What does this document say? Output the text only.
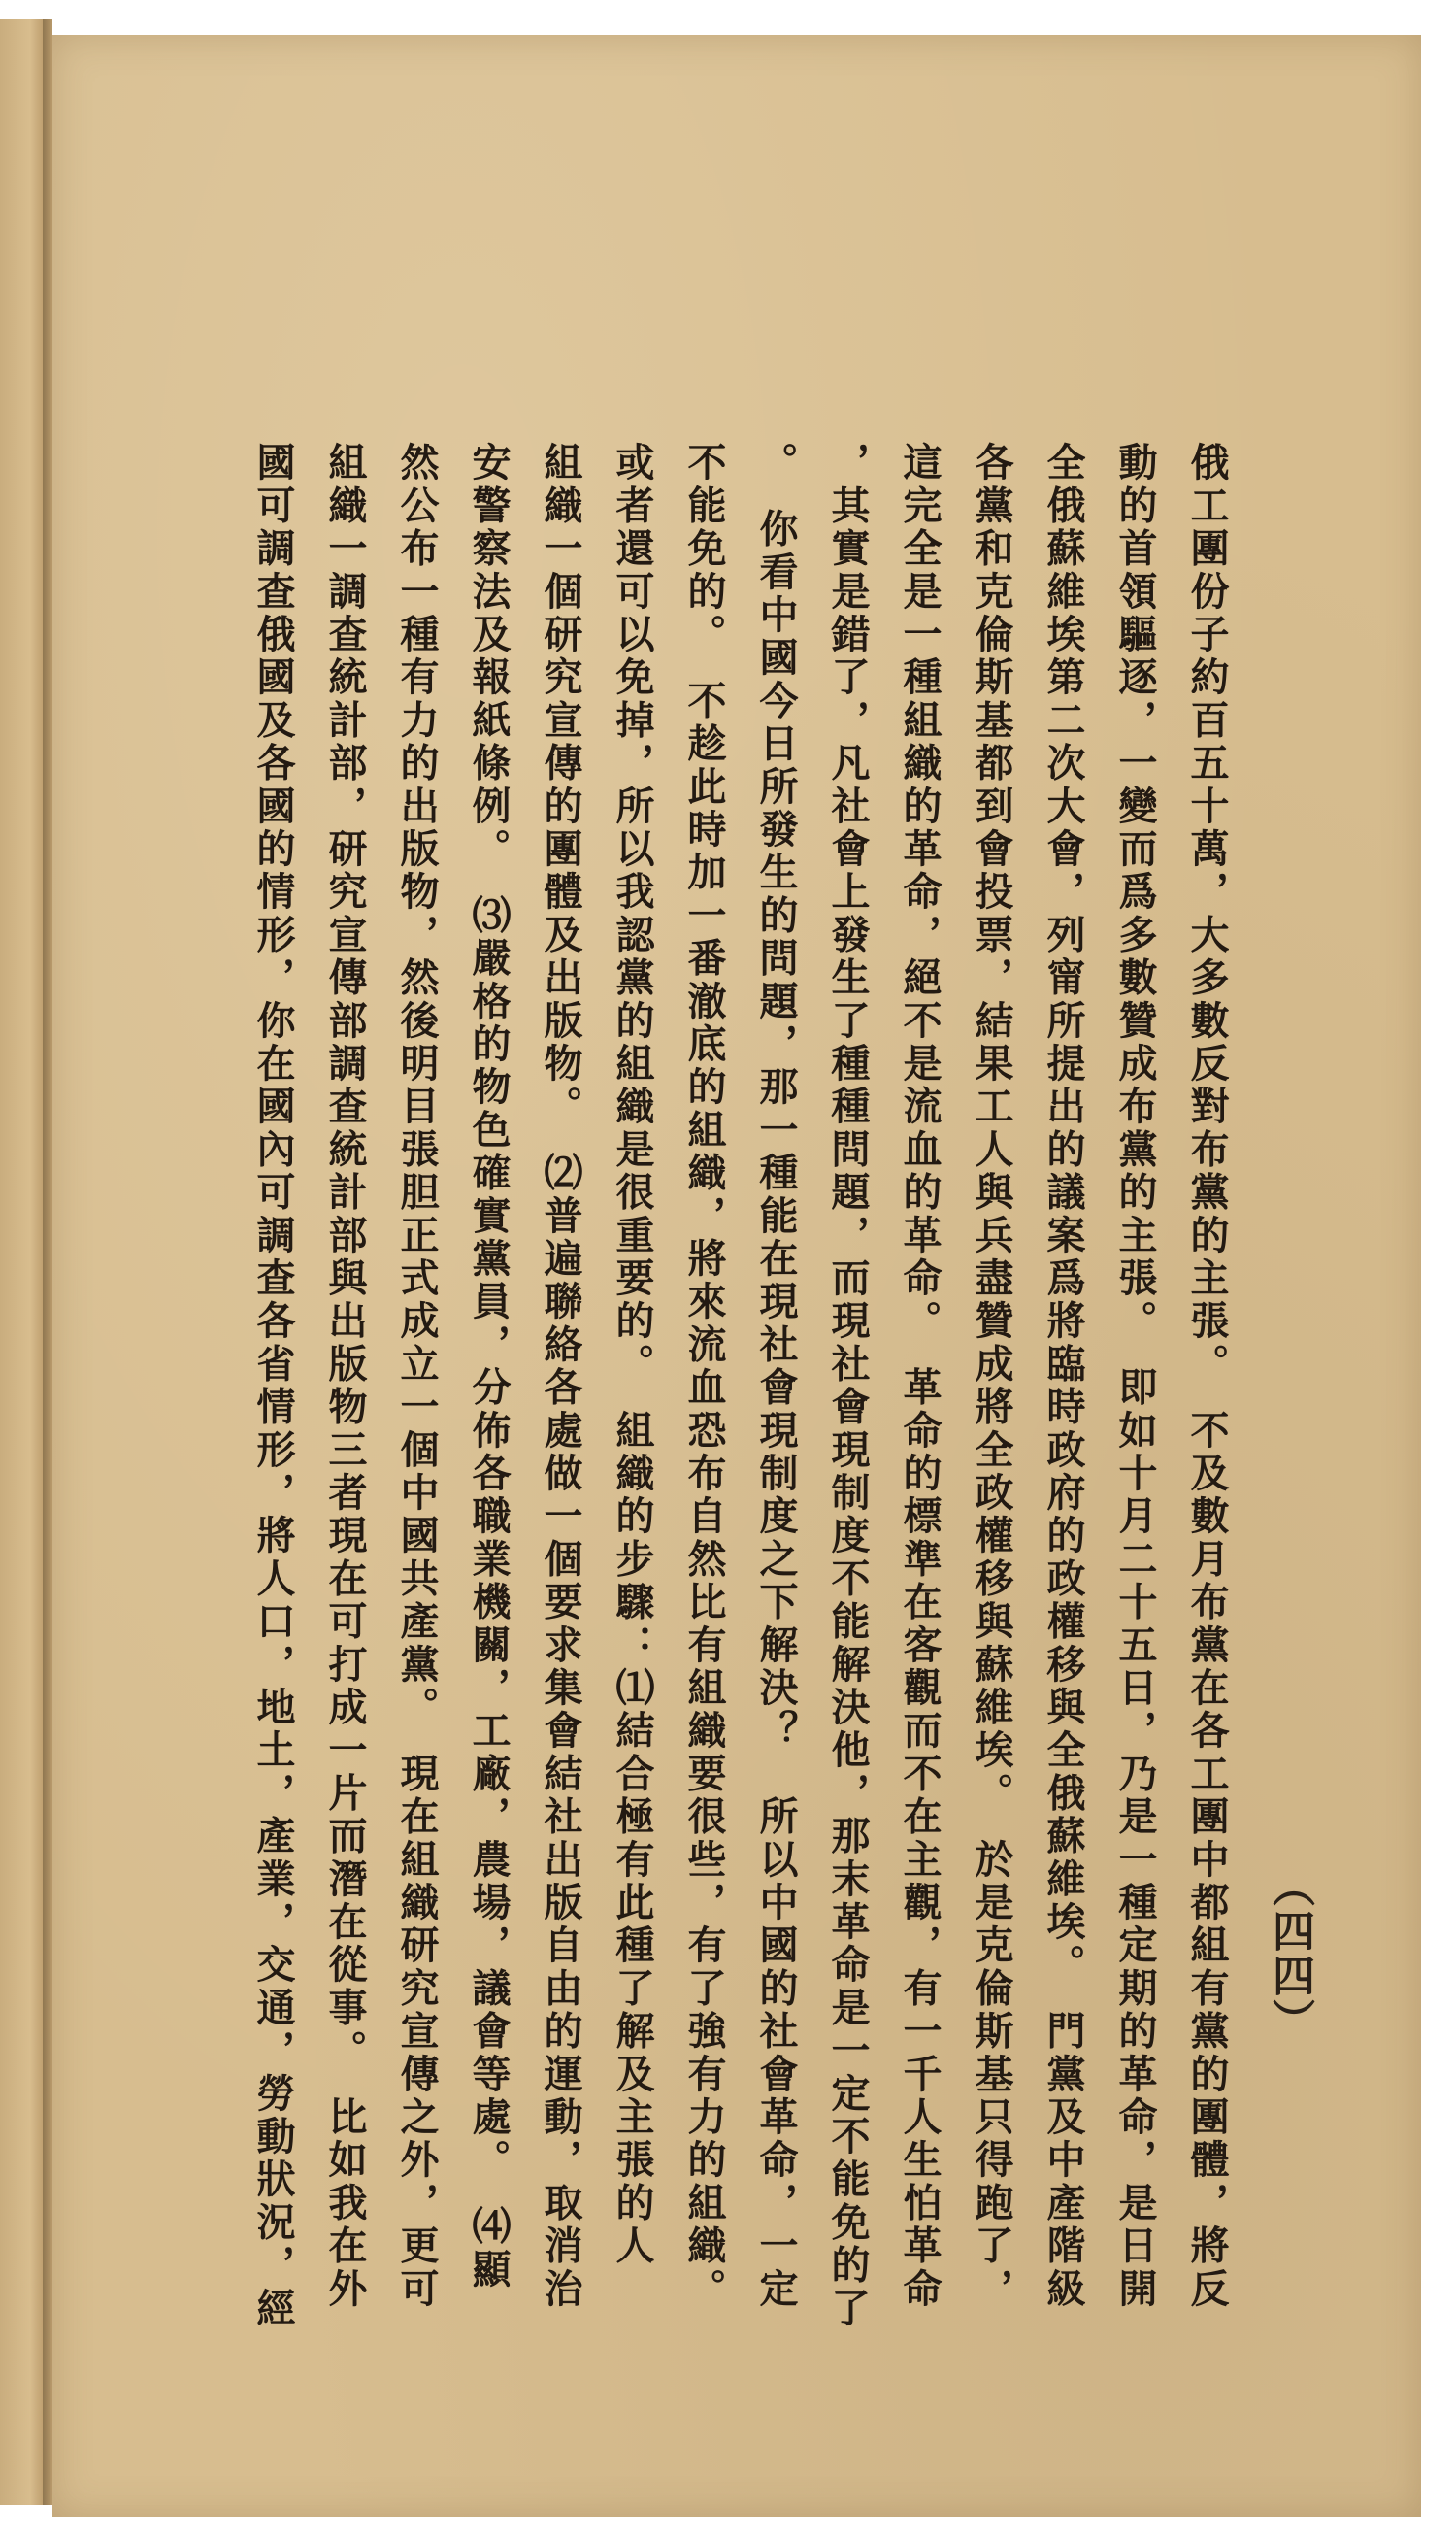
（四四）
俄工團份子約百五十萬，大多數反對布黨的主張。　不及數月布黨在各工團中都組有黨的團體，將反
動的首領驅逐，一變而爲多數贊成布黨的主張。　即如十月二十五日，乃是一種定期的革命，是日開
全俄蘇維埃第二次大會，列甯所提出的議案爲將臨時政府的政權移與全俄蘇維埃。　門黨及中產階級
各黨和克倫斯基都到會投票，結果工人與兵盡贊成將全政權移與蘇維埃。　於是克倫斯基只得跑了，
這完全是一種組織的革命，絕不是流血的革命。　革命的標準在客觀而不在主觀，有一千人生怕革命
，其實是錯了，凡社會上發生了種種問題，而現社會現制度不能解決他，那末革命是一定不能免的了
。　你看中國今日所發生的問題，那一種能在現社會現制度之下解決？　所以中國的社會革命，一定
不能免的。　不趁此時加一番澈底的組織，將來流血恐布自然比有組織要很些，有了強有力的組織。
或者還可以免掉，所以我認黨的組織是很重要的。　組織的步驟：⑴結合極有此種了解及主張的人
組織一個研究宣傳的團體及出版物。　⑵普遍聯絡各處做一個要求集會結社出版自由的運動，取消治
安警察法及報紙條例。　⑶嚴格的物色確實黨員，分佈各職業機關，工廠，農場，議會等處。　⑷顯
然公布一種有力的出版物，然後明目張胆正式成立一個中國共產黨。　現在組織研究宣傳之外，更可
組織一調查統計部，研究宣傳部調查統計部與出版物三者現在可打成一片而潛在從事。　比如我在外
國可調查俄國及各國的情形，你在國內可調查各省情形，將人口，地土，產業，交通，勞動狀況，經
